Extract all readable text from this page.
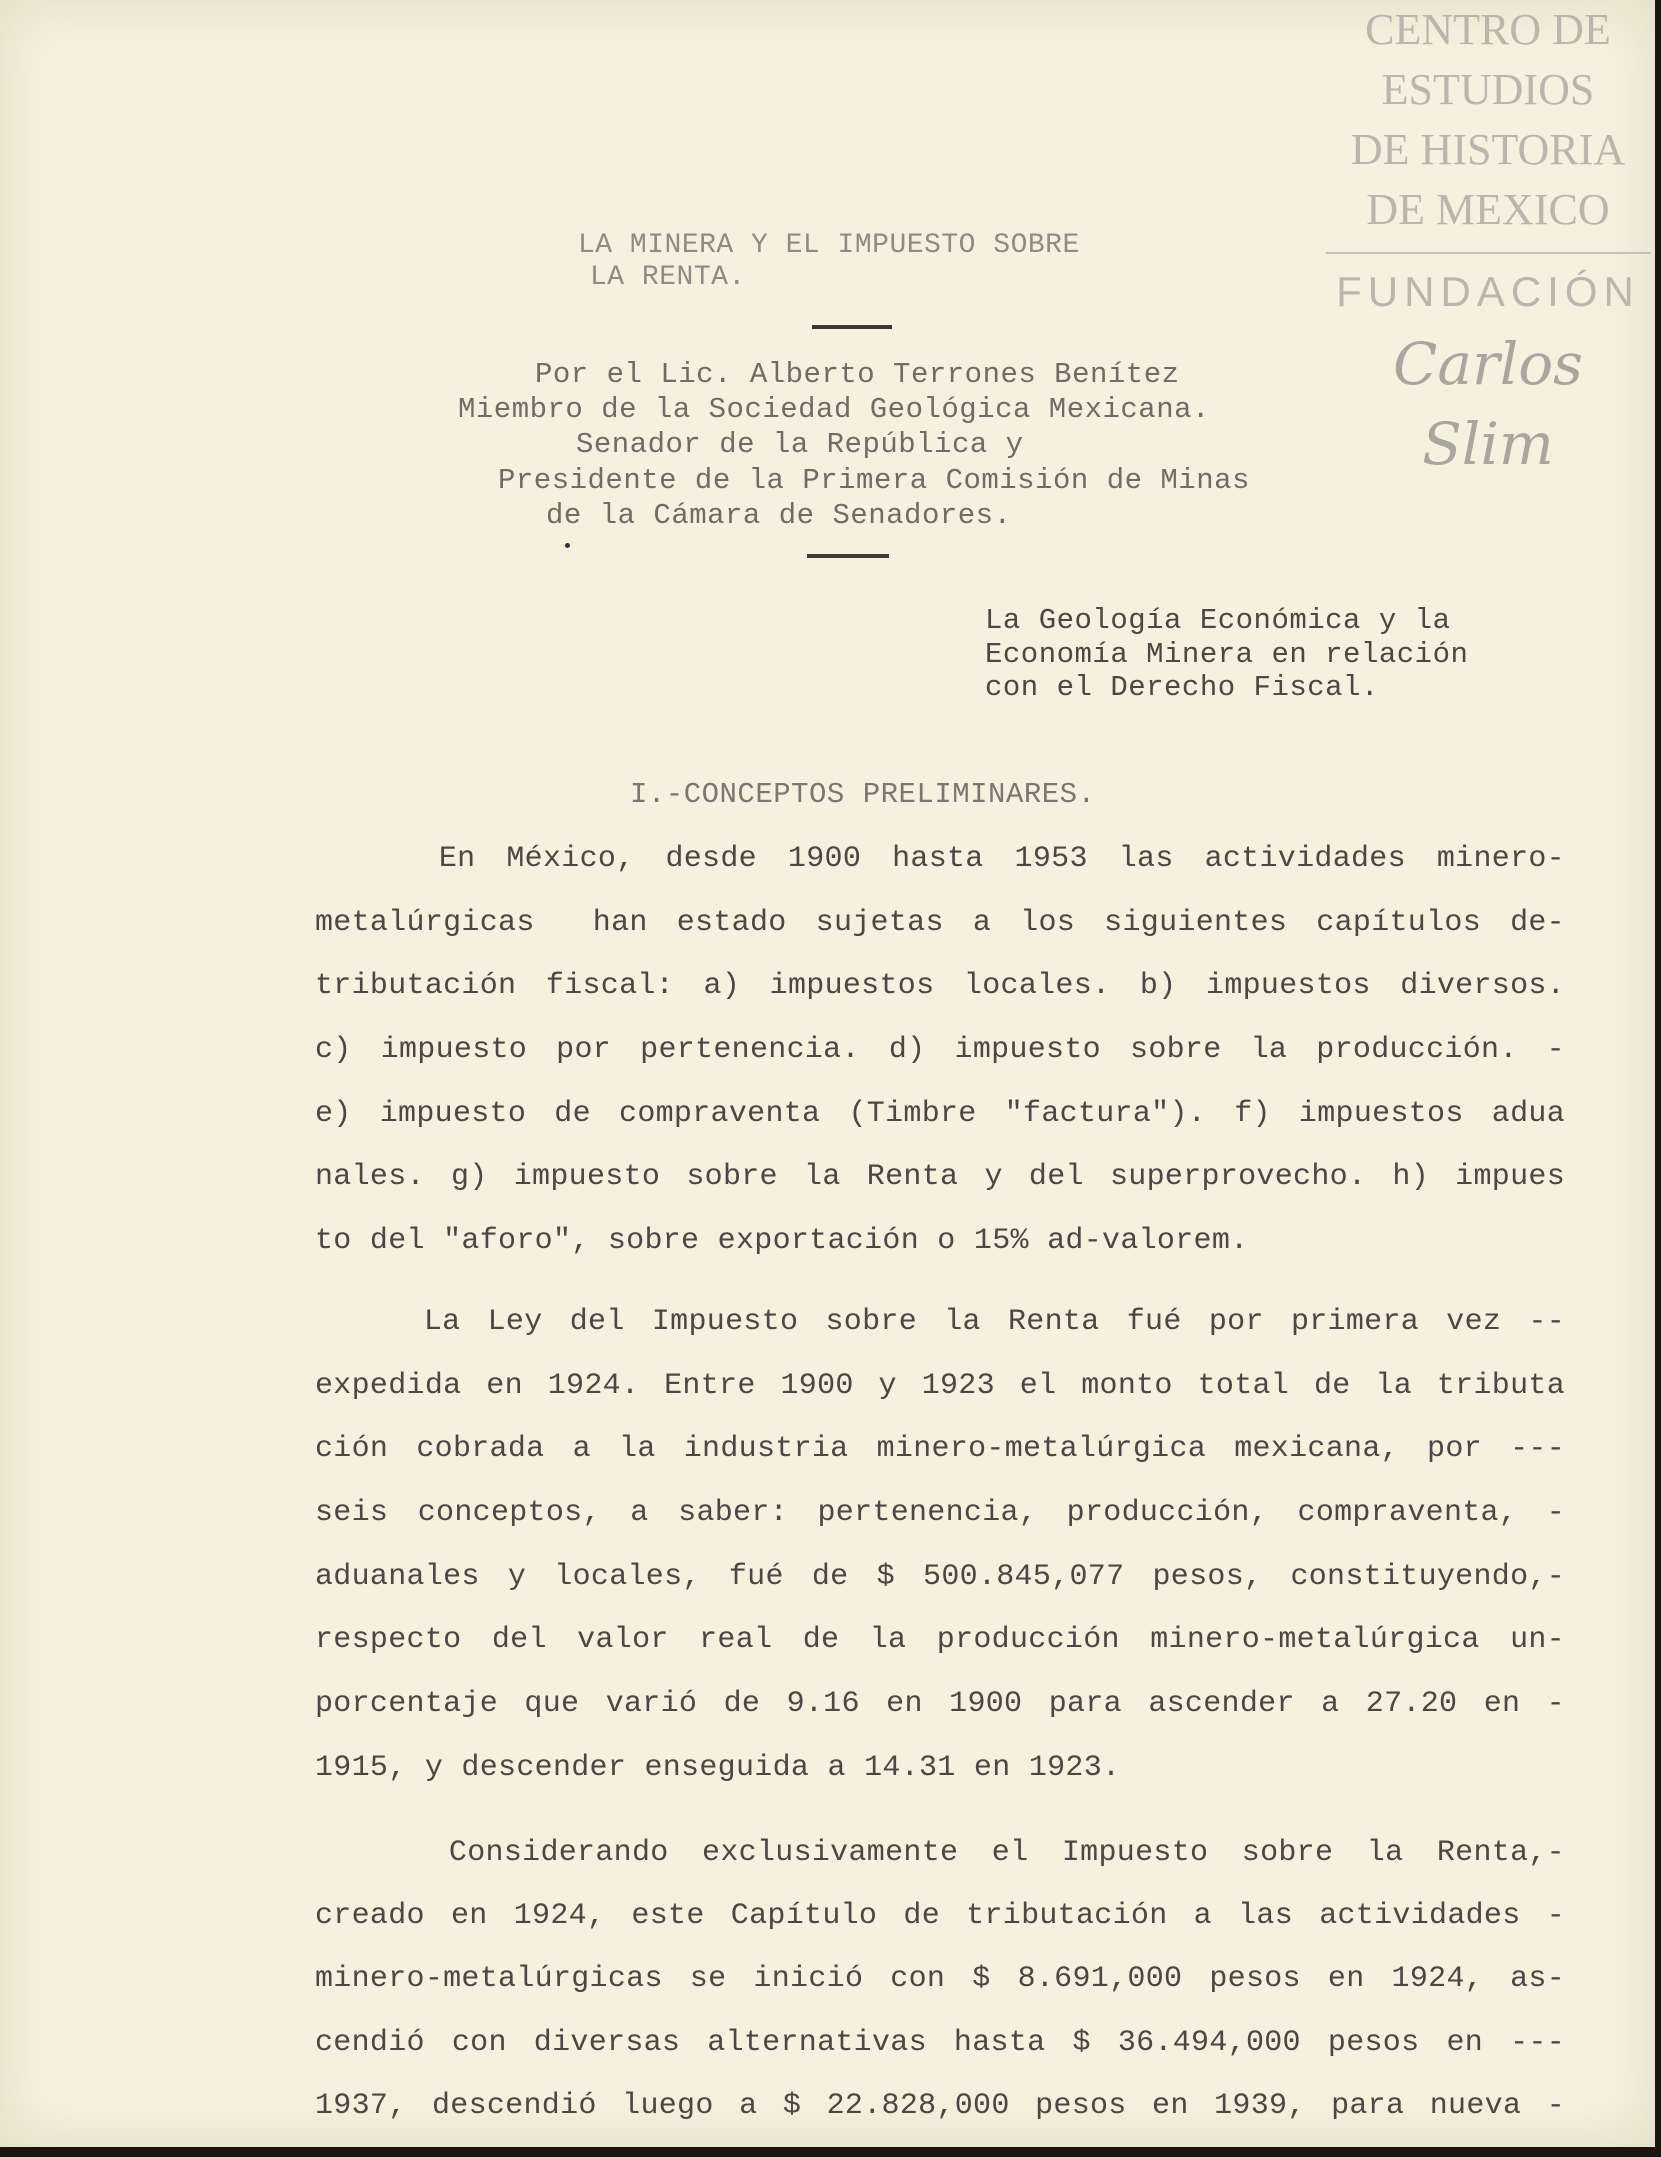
CENTRO DE
ESTUDIOS
DE HISTORIA
DE MEXICO
FUNDACIÓN
Carlos Slim
LA MINERA Y EL IMPUESTO SOBRE
LA RENTA.
Por el Lic. Alberto Terrones Benítez
Miembro de la Sociedad Geológica Mexicana.
Senador de la República y
Presidente de la Primera Comisión de Minas
de la Cámara de Senadores.
La Geología Económica y la
Economía Minera en relación
con el Derecho Fiscal.
I.-CONCEPTOS PRELIMINARES.
En México, desde 1900 hasta 1953 las actividades minero-
metalúrgicas  han estado sujetas a los siguientes capítulos de-
tributación fiscal: a) impuestos locales. b) impuestos diversos.
c) impuesto por pertenencia. d) impuesto sobre la producción. -
e) impuesto de compraventa (Timbre "factura"). f) impuestos adua
nales. g) impuesto sobre la Renta y del superprovecho. h) impues
to del "aforo", sobre exportación o 15% ad-valorem.
La Ley del Impuesto sobre la Renta fué por primera vez --
expedida en 1924. Entre 1900 y 1923 el monto total de la tributa
ción cobrada a la industria minero-metalúrgica mexicana, por ---
seis conceptos, a saber: pertenencia, producción, compraventa, -
aduanales y locales, fué de $ 500.845,077 pesos, constituyendo,-
respecto del valor real de la producción minero-metalúrgica un-
porcentaje que varió de 9.16 en 1900 para ascender a 27.20 en -
1915, y descender enseguida a 14.31 en 1923.
Considerando exclusivamente el Impuesto sobre la Renta,-
creado en 1924, este Capítulo de tributación a las actividades -
minero-metalúrgicas se inició con $ 8.691,000 pesos en 1924, as-
cendió con diversas alternativas hasta $ 36.494,000 pesos en ---
1937, descendió luego a $ 22.828,000 pesos en 1939, para nueva -
